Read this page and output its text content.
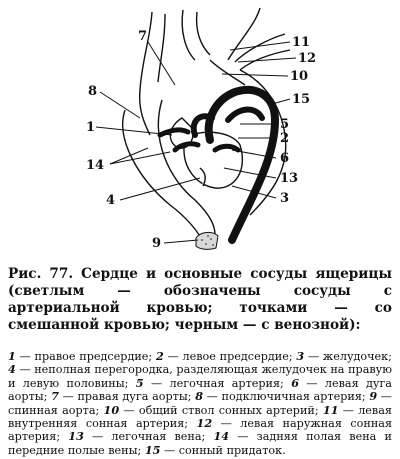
7	11
12
10
8
15
1	5
2
6
14
13
3
4
9
Рис. 77. Сердце и основные сосуды ящерицы (светлым — обозначены сосуды с артериальной кровью; точками — со смешанной кровью; черным — с венозной):
1 — правое предсердие; 2 — левое предсердие; 3 — желудочек; 4 — неполная перегородка, разделяющая желудочек на правую и левую половины; 5 — легочная артерия; 6 — левая дуга аорты; 7 — правая дуга аорты; 8 — подключичная артерия; 9 — спинная аорта; 10 — общий ствол сонных артерий; 11 — левая внутренняя сонная артерия; 12 — левая наружная сонная артерия; 13 — легочная вена; 14 — задняя полая вена и передние полые вены; 15 — сонный придаток.
